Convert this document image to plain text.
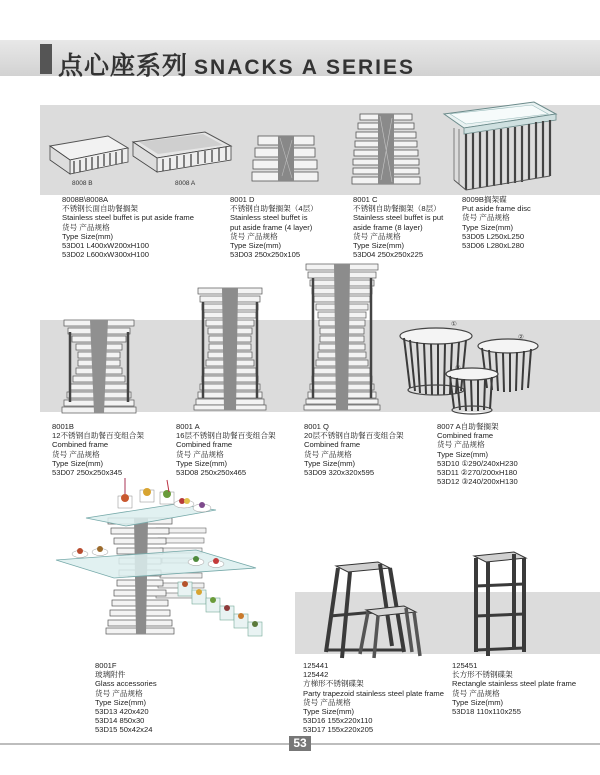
点心座系列 SNACKS A SERIES
8008 B	8008 A
8008B\8008A
不锈钢长面自助餐搁架
Stainless steel buffet is put aside frame
货号 产品规格
Type Size(mm)
53D01 L400xW200xH100
53D02 L600xW300xH100
8001 D
不锈钢自助餐搁架（4层）
Stainless steel buffet is
put aside frame (4 layer)
货号 产品规格
Type Size(mm)
53D03 250x250x105
8001 C
不锈钢自助餐搁架（8层）
Stainless steel buffet is put
aside frame (8 layer)
货号 产品规格
Type Size(mm)
53D04 250x250x225
8009B搁架碟
Put aside frame disc
货号 产品规格
Type Size(mm)
53D05 L250xL250
53D06 L280xL280
①
②
③
8001B
12不锈钢自助餐百变组合架
Combined frame
货号 产品规格
Type Size(mm)
53D07 250x250x345
8001 A
16层不锈钢自助餐百变组合架
Combined frame
货号 产品规格
Type Size(mm)
53D08 250x250x465
8001 Q
20层不锈钢自助餐百变组合架
Combined frame
货号 产品规格
Type Size(mm)
53D09 320x320x595
8007 A自助餐搁架
Combined frame
货号 产品规格
Type Size(mm)
53D10 ①290/240xH230
53D11 ②270/200xH180
53D12 ③240/200xH130
8001F
玻璃附件
Glass accessories
货号 产品规格
Type Size(mm)
53D13 420x420
53D14 850x30
53D15 50x42x24
125441
125442
方梯形不锈钢碟架
Party trapezoid stainless steel plate frame
货号 产品规格
Type Size(mm)
53D16 155x220x110
53D17 155x220x205
125451
长方形不锈钢碟架
Rectangle stainless steel plate frame
货号 产品规格
Type Size(mm)
53D18 110x110x255
53
